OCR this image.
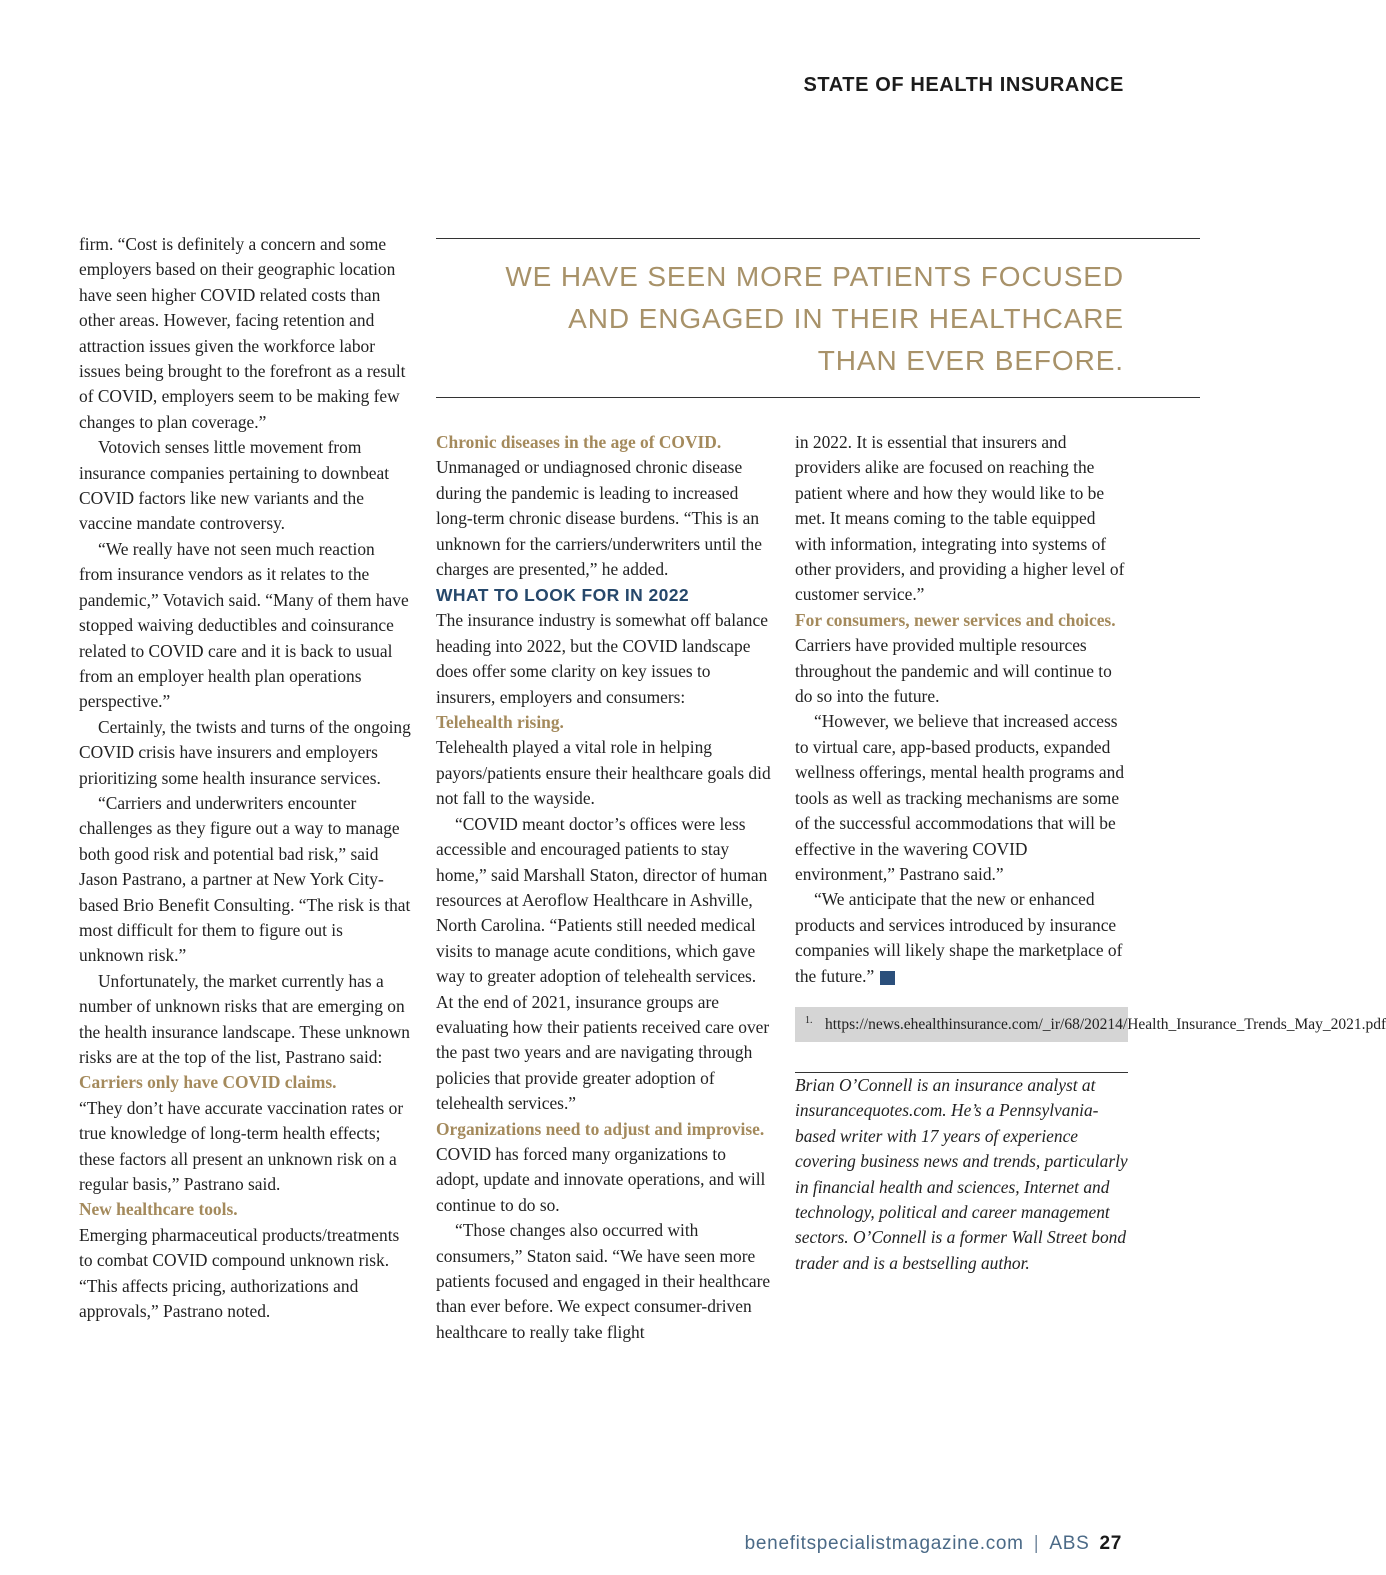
STATE OF HEALTH INSURANCE
WE HAVE SEEN MORE PATIENTS FOCUSED
AND ENGAGED IN THEIR HEALTHCARE
THAN EVER BEFORE.

firm. “Cost is definitely a concern and some employers based on their geographic location have seen higher COVID related costs than other areas. However, facing retention and attraction issues given the workforce labor issues being brought to the forefront as a result of COVID, employers seem to be making few changes to plan coverage.”

Votovich senses little movement from insurance companies pertaining to downbeat COVID factors like new variants and the vaccine mandate controversy.

“We really have not seen much reaction from insurance vendors as it relates to the pandemic,” Votavich said. “Many of them have stopped waiving deductibles and coinsurance related to COVID care and it is back to usual from an employer health plan operations perspective.”

Certainly, the twists and turns of the ongoing COVID crisis have insurers and employers prioritizing some health insurance services.

“Carriers and underwriters encounter challenges as they figure out a way to manage both good risk and potential bad risk,” said Jason Pastrano, a partner at New York City-based Brio Benefit Consulting. “The risk is that most difficult for them to figure out is unknown risk.”

Unfortunately, the market currently has a number of unknown risks that are emerging on the health insurance landscape. These unknown risks are at the top of the list, Pastrano said:

Carriers only have COVID claims.

“They don’t have accurate vaccination rates or true knowledge of long-term health effects; these factors all present an unknown risk on a regular basis,” Pastrano said.

New healthcare tools.

Emerging pharmaceutical products/treatments to combat COVID compound unknown risk. “This affects pricing, authorizations and approvals,” Pastrano noted.

Chronic diseases in the age of COVID.

Unmanaged or undiagnosed chronic disease during the pandemic is leading to increased long-term chronic disease burdens. “This is an unknown for the carriers/underwriters until the charges are presented,” he added.

WHAT TO LOOK FOR IN 2022

The insurance industry is somewhat off balance heading into 2022, but the COVID landscape does offer some clarity on key issues to insurers, employers and consumers:

Telehealth rising.

Telehealth played a vital role in helping payors/patients ensure their healthcare goals did not fall to the wayside.

“COVID meant doctor’s offices were less accessible and encouraged patients to stay home,” said Marshall Staton, director of human resources at Aeroflow Healthcare in Ashville, North Carolina. “Patients still needed medical visits to manage acute conditions, which gave way to greater adoption of telehealth services. At the end of 2021, insurance groups are evaluating how their patients received care over the past two years and are navigating through policies that provide greater adoption of telehealth services.”

Organizations need to adjust and improvise.

COVID has forced many organizations to adopt, update and innovate operations, and will continue to do so.

“Those changes also occurred with consumers,” Staton said. “We have seen more patients focused and engaged in their healthcare than ever before. We expect consumer-driven healthcare to really take flight

in 2022. It is essential that insurers and providers alike are focused on reaching the patient where and how they would like to be met. It means coming to the table equipped with information, integrating into systems of other providers, and providing a higher level of customer service.”

For consumers, newer services and choices.

Carriers have provided multiple resources throughout the pandemic and will continue to do so into the future.

“However, we believe that increased access to virtual care, app-based products, expanded wellness offerings, mental health programs and tools as well as tracking mechanisms are some of the successful accommodations that will be effective in the wavering COVID environment,” Pastrano said.”

“We anticipate that the new or enhanced products and services introduced by insurance companies will likely shape the marketplace of the future.”	BS

1. https://news.ehealthinsurance.com/_ir/68/20214/Health_Insurance_Trends_May_2021.pdf

Brian O’Connell is an insurance analyst at insurancequotes.com. He’s a Pennsylvania-based writer with 17 years of experience covering business news and trends, particularly in financial health and sciences, Internet and technology, political and career management sectors. O’Connell is a former Wall Street bond trader and is a bestselling author.

benefitspecialistmagazine.com | ABS 27
